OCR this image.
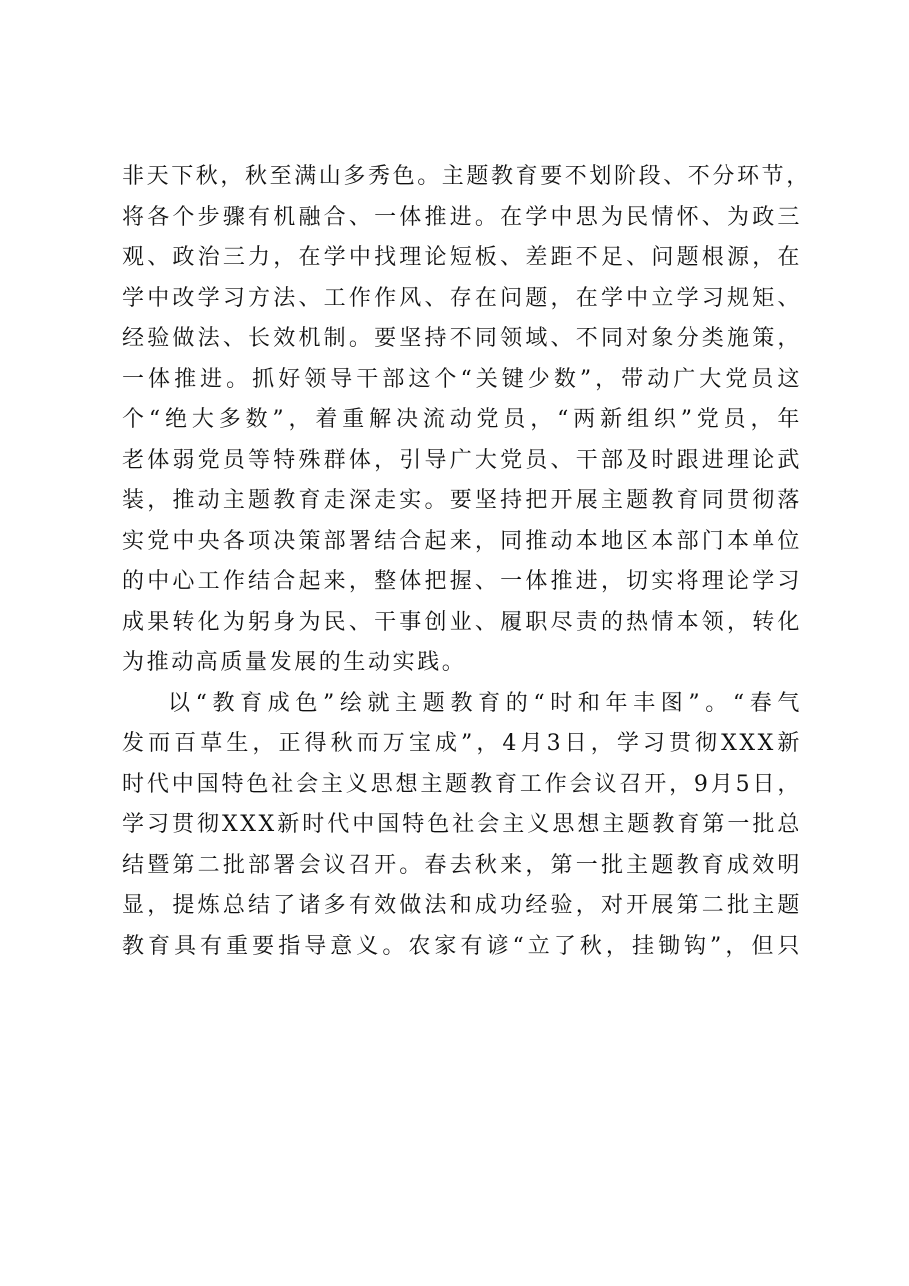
非天下秋，秋至满山多秀色。主题教育要不划阶段、不分环节，
将各个步骤有机融合、一体推进。在学中思为民情怀、为政三
观、政治三力，在学中找理论短板、差距不足、问题根源，在
学中改学习方法、工作作风、存在问题，在学中立学习规矩、
经验做法、长效机制。要坚持不同领域、不同对象分类施策，
一体推进。抓好领导干部这个“关键少数”，带动广大党员这
个“绝大多数”，着重解决流动党员，“两新组织”党员，年
老体弱党员等特殊群体，引导广大党员、干部及时跟进理论武
装，推动主题教育走深走实。要坚持把开展主题教育同贯彻落
实党中央各项决策部署结合起来，同推动本地区本部门本单位
的中心工作结合起来，整体把握、一体推进，切实将理论学习
成果转化为躬身为民、干事创业、履职尽责的热情本领，转化
为推动高质量发展的生动实践。
以“教育成色”绘就主题教育的“时和年丰图”。“春气
发而百草生，正得秋而万宝成”，4月3日，学习贯彻XXX新
时代中国特色社会主义思想主题教育工作会议召开，9月5日，
学习贯彻XXX新时代中国特色社会主义思想主题教育第一批总
结暨第二批部署会议召开。春去秋来，第一批主题教育成效明
显，提炼总结了诸多有效做法和成功经验，对开展第二批主题
教育具有重要指导意义。农家有谚“立了秋，挂锄钩”，但只
